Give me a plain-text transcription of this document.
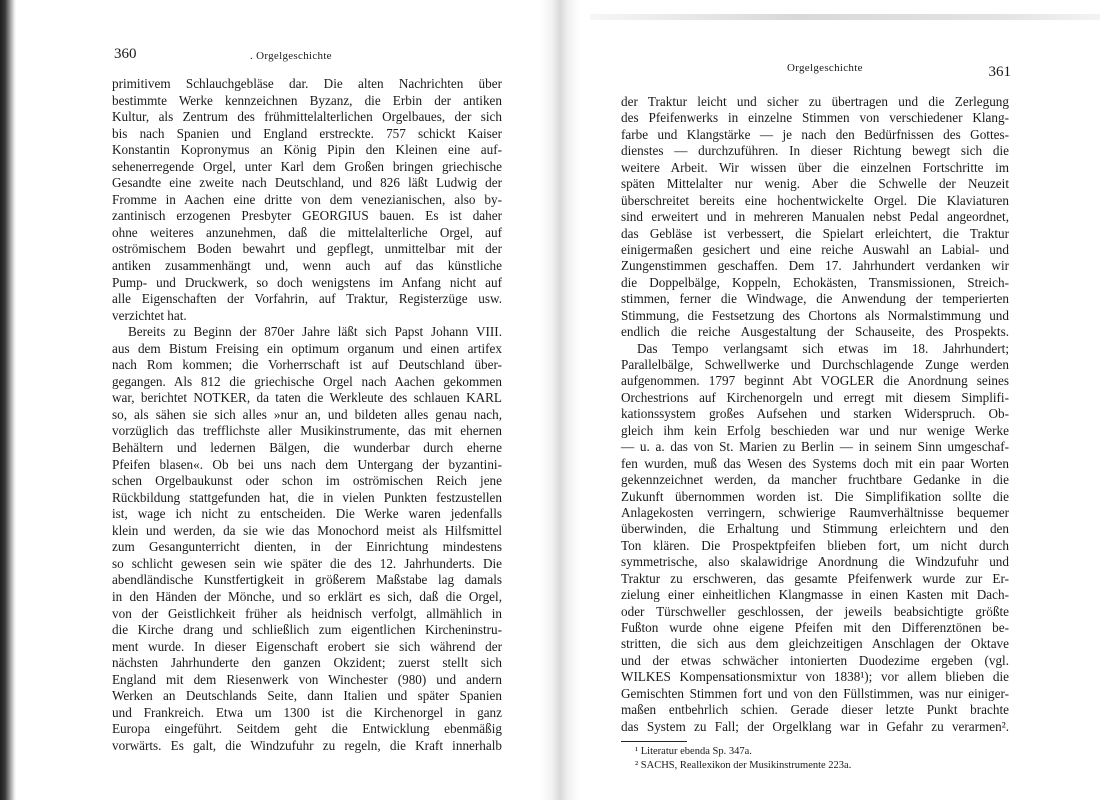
360	. Orgelgeschichte
primitivem Schlauchgebläse dar. Die alten Nachrichten über
bestimmte Werke kennzeichnen Byzanz, die Erbin der antiken
Kultur, als Zentrum des frühmittelalterlichen Orgelbaues, der sich
bis nach Spanien und England erstreckte. 757 schickt Kaiser
Konstantin Kopronymus an König Pipin den Kleinen eine auf-
sehenerregende Orgel, unter Karl dem Großen bringen griechische
Gesandte eine zweite nach Deutschland, und 826 läßt Ludwig der
Fromme in Aachen eine dritte von dem venezianischen, also by-
zantinisch erzogenen Presbyter GEORGIUS bauen. Es ist daher
ohne weiteres anzunehmen, daß die mittelalterliche Orgel, auf
oströmischem Boden bewahrt und gepflegt, unmittelbar mit der
antiken zusammenhängt und, wenn auch auf das künstliche
Pump- und Druckwerk, so doch wenigstens im Anfang nicht auf
alle Eigenschaften der Vorfahrin, auf Traktur, Registerzüge usw.
verzichtet hat.
Bereits zu Beginn der 870er Jahre läßt sich Papst Johann VIII.
aus dem Bistum Freising ein optimum organum und einen artifex
nach Rom kommen; die Vorherrschaft ist auf Deutschland über-
gegangen. Als 812 die griechische Orgel nach Aachen gekommen
war, berichtet NOTKER, da taten die Werkleute des schlauen KARL
so, als sähen sie sich alles »nur an, und bildeten alles genau nach,
vorzüglich das trefflichste aller Musikinstrumente, das mit ehernen
Behältern und ledernen Bälgen, die wunderbar durch eherne
Pfeifen blasen«. Ob bei uns nach dem Untergang der byzantini-
schen Orgelbaukunst oder schon im oströmischen Reich jene
Rückbildung stattgefunden hat, die in vielen Punkten festzustellen
ist, wage ich nicht zu entscheiden. Die Werke waren jedenfalls
klein und werden, da sie wie das Monochord meist als Hilfsmittel
zum Gesangunterricht dienten, in der Einrichtung mindestens
so schlicht gewesen sein wie später die des 12. Jahrhunderts. Die
abendländische Kunstfertigkeit in größerem Maßstabe lag damals
in den Händen der Mönche, und so erklärt es sich, daß die Orgel,
von der Geistlichkeit früher als heidnisch verfolgt, allmählich in
die Kirche drang und schließlich zum eigentlichen Kircheninstru-
ment wurde. In dieser Eigenschaft erobert sie sich während der
nächsten Jahrhunderte den ganzen Okzident; zuerst stellt sich
England mit dem Riesenwerk von Winchester (980) und andern
Werken an Deutschlands Seite, dann Italien und später Spanien
und Frankreich. Etwa um 1300 ist die Kirchenorgel in ganz
Europa eingeführt. Seitdem geht die Entwicklung ebenmäßig
vorwärts. Es galt, die Windzufuhr zu regeln, die Kraft innerhalb
Orgelgeschichte	361
der Traktur leicht und sicher zu übertragen und die Zerlegung
des Pfeifenwerks in einzelne Stimmen von verschiedener Klang-
farbe und Klangstärke — je nach den Bedürfnissen des Gottes-
dienstes — durchzuführen. In dieser Richtung bewegt sich die
weitere Arbeit. Wir wissen über die einzelnen Fortschritte im
späten Mittelalter nur wenig. Aber die Schwelle der Neuzeit
überschreitet bereits eine hochentwickelte Orgel. Die Klaviaturen
sind erweitert und in mehreren Manualen nebst Pedal angeordnet,
das Gebläse ist verbessert, die Spielart erleichtert, die Traktur
einigermaßen gesichert und eine reiche Auswahl an Labial- und
Zungenstimmen geschaffen. Dem 17. Jahrhundert verdanken wir
die Doppelbälge, Koppeln, Echokästen, Transmissionen, Streich-
stimmen, ferner die Windwage, die Anwendung der temperierten
Stimmung, die Festsetzung des Chortons als Normalstimmung und
endlich die reiche Ausgestaltung der Schauseite, des Prospekts.
Das Tempo verlangsamt sich etwas im 18. Jahrhundert;
Parallelbälge, Schwellwerke und Durchschlagende Zunge werden
aufgenommen. 1797 beginnt Abt VOGLER die Anordnung seines
Orchestrions auf Kirchenorgeln und erregt mit diesem Simplifi-
kationssystem großes Aufsehen und starken Widerspruch. Ob-
gleich ihm kein Erfolg beschieden war und nur wenige Werke
— u. a. das von St. Marien zu Berlin — in seinem Sinn umgeschaf-
fen wurden, muß das Wesen des Systems doch mit ein paar Worten
gekennzeichnet werden, da mancher fruchtbare Gedanke in die
Zukunft übernommen worden ist. Die Simplifikation sollte die
Anlagekosten verringern, schwierige Raumverhältnisse bequemer
überwinden, die Erhaltung und Stimmung erleichtern und den
Ton klären. Die Prospektpfeifen blieben fort, um nicht durch
symmetrische, also skalawidrige Anordnung die Windzufuhr und
Traktur zu erschweren, das gesamte Pfeifenwerk wurde zur Er-
zielung einer einheitlichen Klangmasse in einen Kasten mit Dach-
oder Türschweller geschlossen, der jeweils beabsichtigte größte
Fußton wurde ohne eigene Pfeifen mit den Differenztönen be-
stritten, die sich aus dem gleichzeitigen Anschlagen der Oktave
und der etwas schwächer intonierten Duodezime ergeben (vgl.
WILKES Kompensationsmixtur von 1838¹); vor allem blieben die
Gemischten Stimmen fort und von den Füllstimmen, was nur einiger-
maßen entbehrlich schien. Gerade dieser letzte Punkt brachte
das System zu Fall; der Orgelklang war in Gefahr zu verarmen².
¹ Literatur ebenda Sp. 347a.
² SACHS, Reallexikon der Musikinstrumente 223a.
